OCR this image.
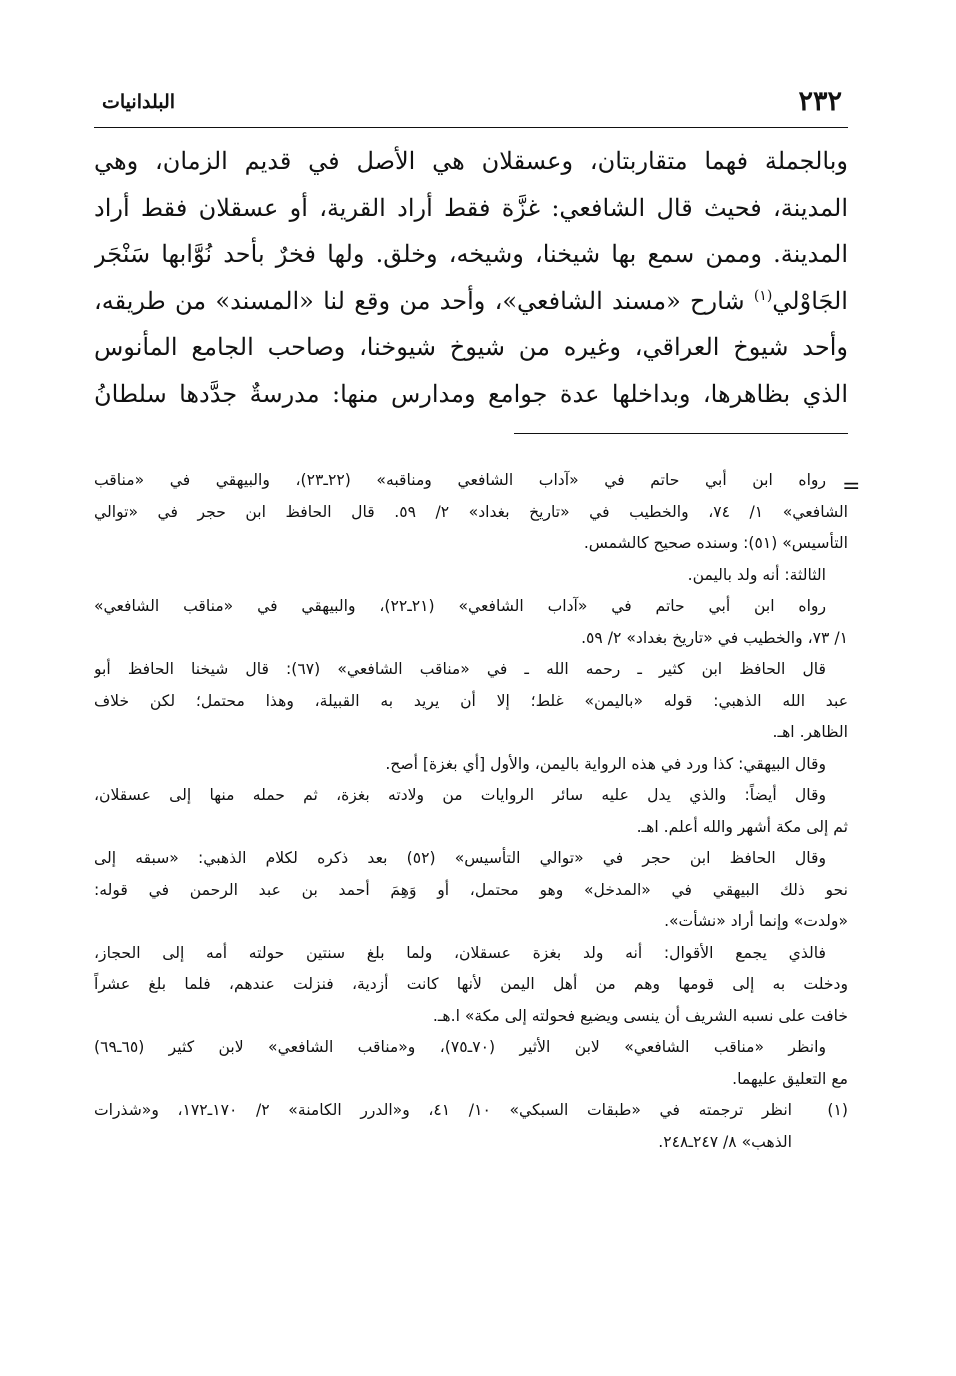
٢٣٢
البلدانيات
وبالجملة فهما متقاربتان، وعسقلان هي الأصل في قديم الزمان، وهي
المدينة، فحيث قال الشافعي: غزَّة فقط أراد القرية، أو عسقلان فقط أراد
المدينة. وممن سمع بها شيخنا، وشيخه، وخلق. ولها فخرٌ بأحد نُوَّابها سَنْجَر
الجَاوْلي$^{(١)}$ شارح «مسند الشافعي»، وأحد من وقع لنا «المسند» من طريقه،
وأحد شيوخ العراقي، وغيره من شيوخ شيوخنا، وصاحب الجامع المأنوس
الذي بظاهرها، وبداخلها عدة جوامع ومدارس منها: مدرسةٌ جدَّدها سلطانُ
=
رواه ابن أبي حاتم في «آداب الشافعي ومناقبه» (٢٢ـ٢٣)، والبيهقي في «مناقب
الشافعي» ١/ ٧٤، والخطيب في «تاريخ بغداد» ٢/ ٥٩. قال الحافظ ابن حجر في «توالي
التأسيس» (٥١): وسنده صحيح كالشمس.
الثالثة: أنه ولد باليمن.
رواه ابن أبي حاتم في «آداب الشافعي» (٢١ـ٢٢)، والبيهقي في «مناقب الشافعي»
١/ ٧٣، والخطيب في «تاريخ بغداد» ٢/ ٥٩.
قال الحافظ ابن كثير ـ رحمه الله ـ في «مناقب الشافعي» (٦٧): قال شيخنا الحافظ أبو
عبد الله الذهبي: قوله «باليمن» غلط؛ إلا أن يريد به القبيلة، وهذا محتمل؛ لكن خلاف
الظاهر. اهـ.
وقال البيهقي: كذا ورد في هذه الرواية باليمن، والأول [أي بغزة] أصح.
وقال أيضاً: والذي يدل عليه سائر الروايات من ولادته بغزة، ثم حمله منها إلى عسقلان،
ثم إلى مكة أشهر والله أعلم. اهـ.
وقال الحافظ ابن حجر في «توالي التأسيس» (٥٢) بعد ذكره لكلام الذهبي: «سبقه إلى
نحو ذلك البيهقي في «المدخل» وهو محتمل، أو وَهِمَ أحمد بن عبد الرحمن في قوله:
«ولدت» وإنما أراد «نشأت».
فالذي يجمع الأقوال: أنه ولد بغزة عسقلان، ولما بلغ سنتين حولته أمه إلى الحجاز،
ودخلت به إلى قومها وهم من أهل اليمن لأنها كانت أزدية، فنزلت عندهم، فلما بلغ عشراً
خافت على نسبه الشريف أن ينسى ويضيع فحولته إلى مكة» ا.هـ.
وانظر «مناقب الشافعي» لابن الأثير (٧٠ـ٧٥)، و«مناقب الشافعي» لابن كثير (٦٥ـ٦٩)
مع التعليق عليهما.
(١)
انظر ترجمته في «طبقات السبكي» ١٠/ ٤١، و«الدرر الكامنة» ٢/ ١٧٠ـ١٧٢، و«شذرات
الذهب» ٨/ ٢٤٧ـ٢٤٨.
